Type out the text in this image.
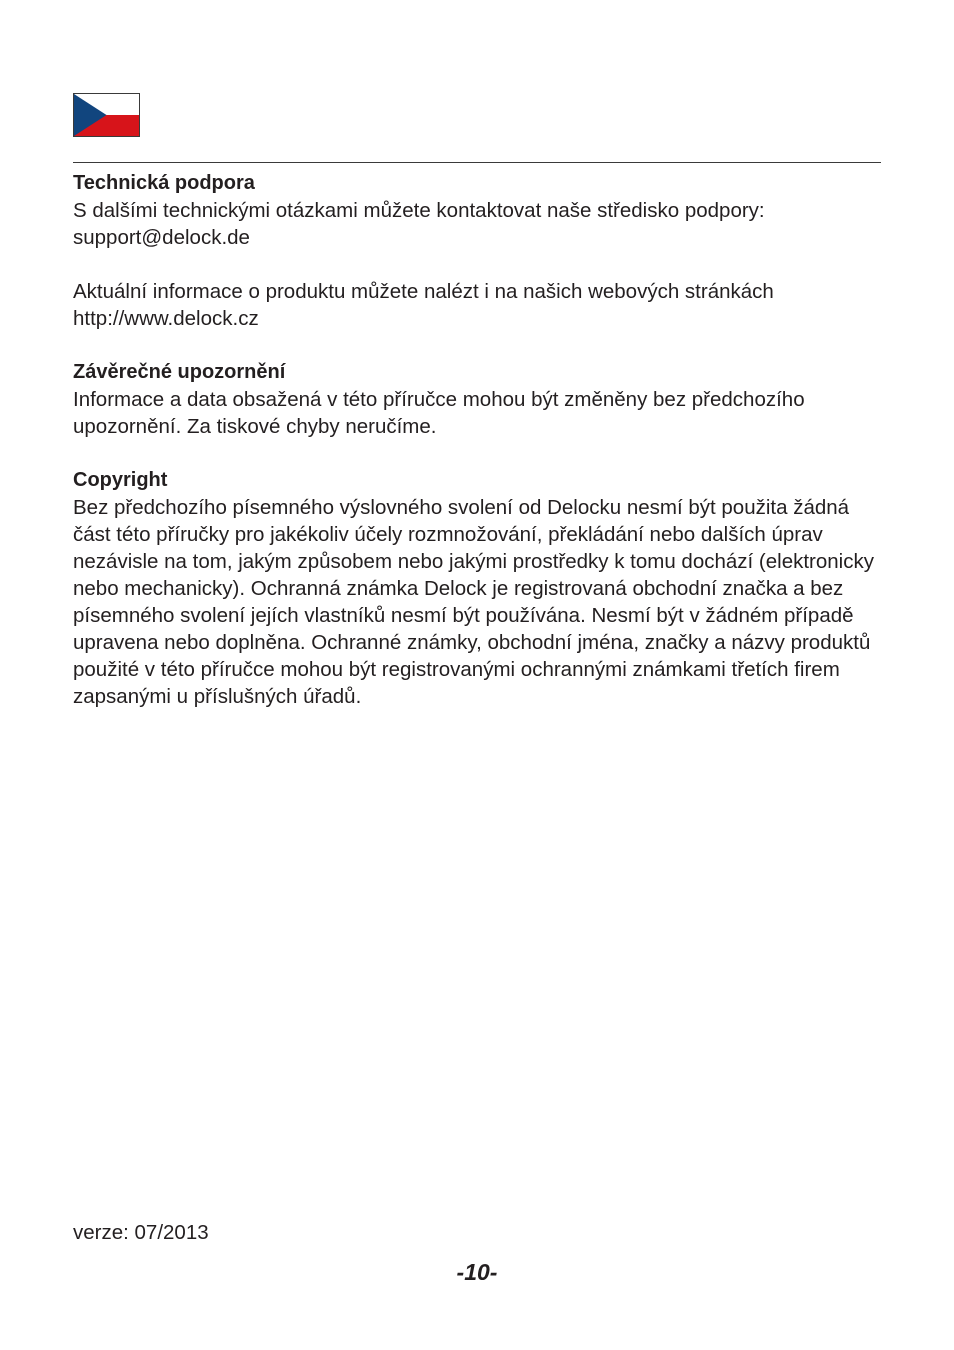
Technická podpora

S dalšími technickými otázkami můžete kontaktovat naše středisko podpory:

support@delock.de

Aktuální informace o produktu můžete nalézt i na našich webových stránkách

http://www.delock.cz

Závěrečné upozornění

Informace a data obsažená v této příručce mohou být změněny bez předchozího upozornění. Za tiskové chyby neručíme.

Copyright

Bez předchozího písemného výslovného svolení od Delocku nesmí být použita žádná část této příručky pro jakékoliv účely rozmnožování, překládání nebo dalších úprav nezávisle na tom, jakým způsobem nebo jakými prostředky k tomu dochází (elektronicky nebo mechanicky). Ochranná známka Delock je registrovaná obchodní značka a bez písemného svolení jejích vlastníků nesmí být používána. Nesmí být v žádném případě upravena nebo doplněna. Ochranné známky, obchodní jména, značky a názvy produktů použité v této příručce mohou být registrovanými ochrannými známkami třetích firem zapsanými u příslušných úřadů.

verze: 07/2013
-10-
